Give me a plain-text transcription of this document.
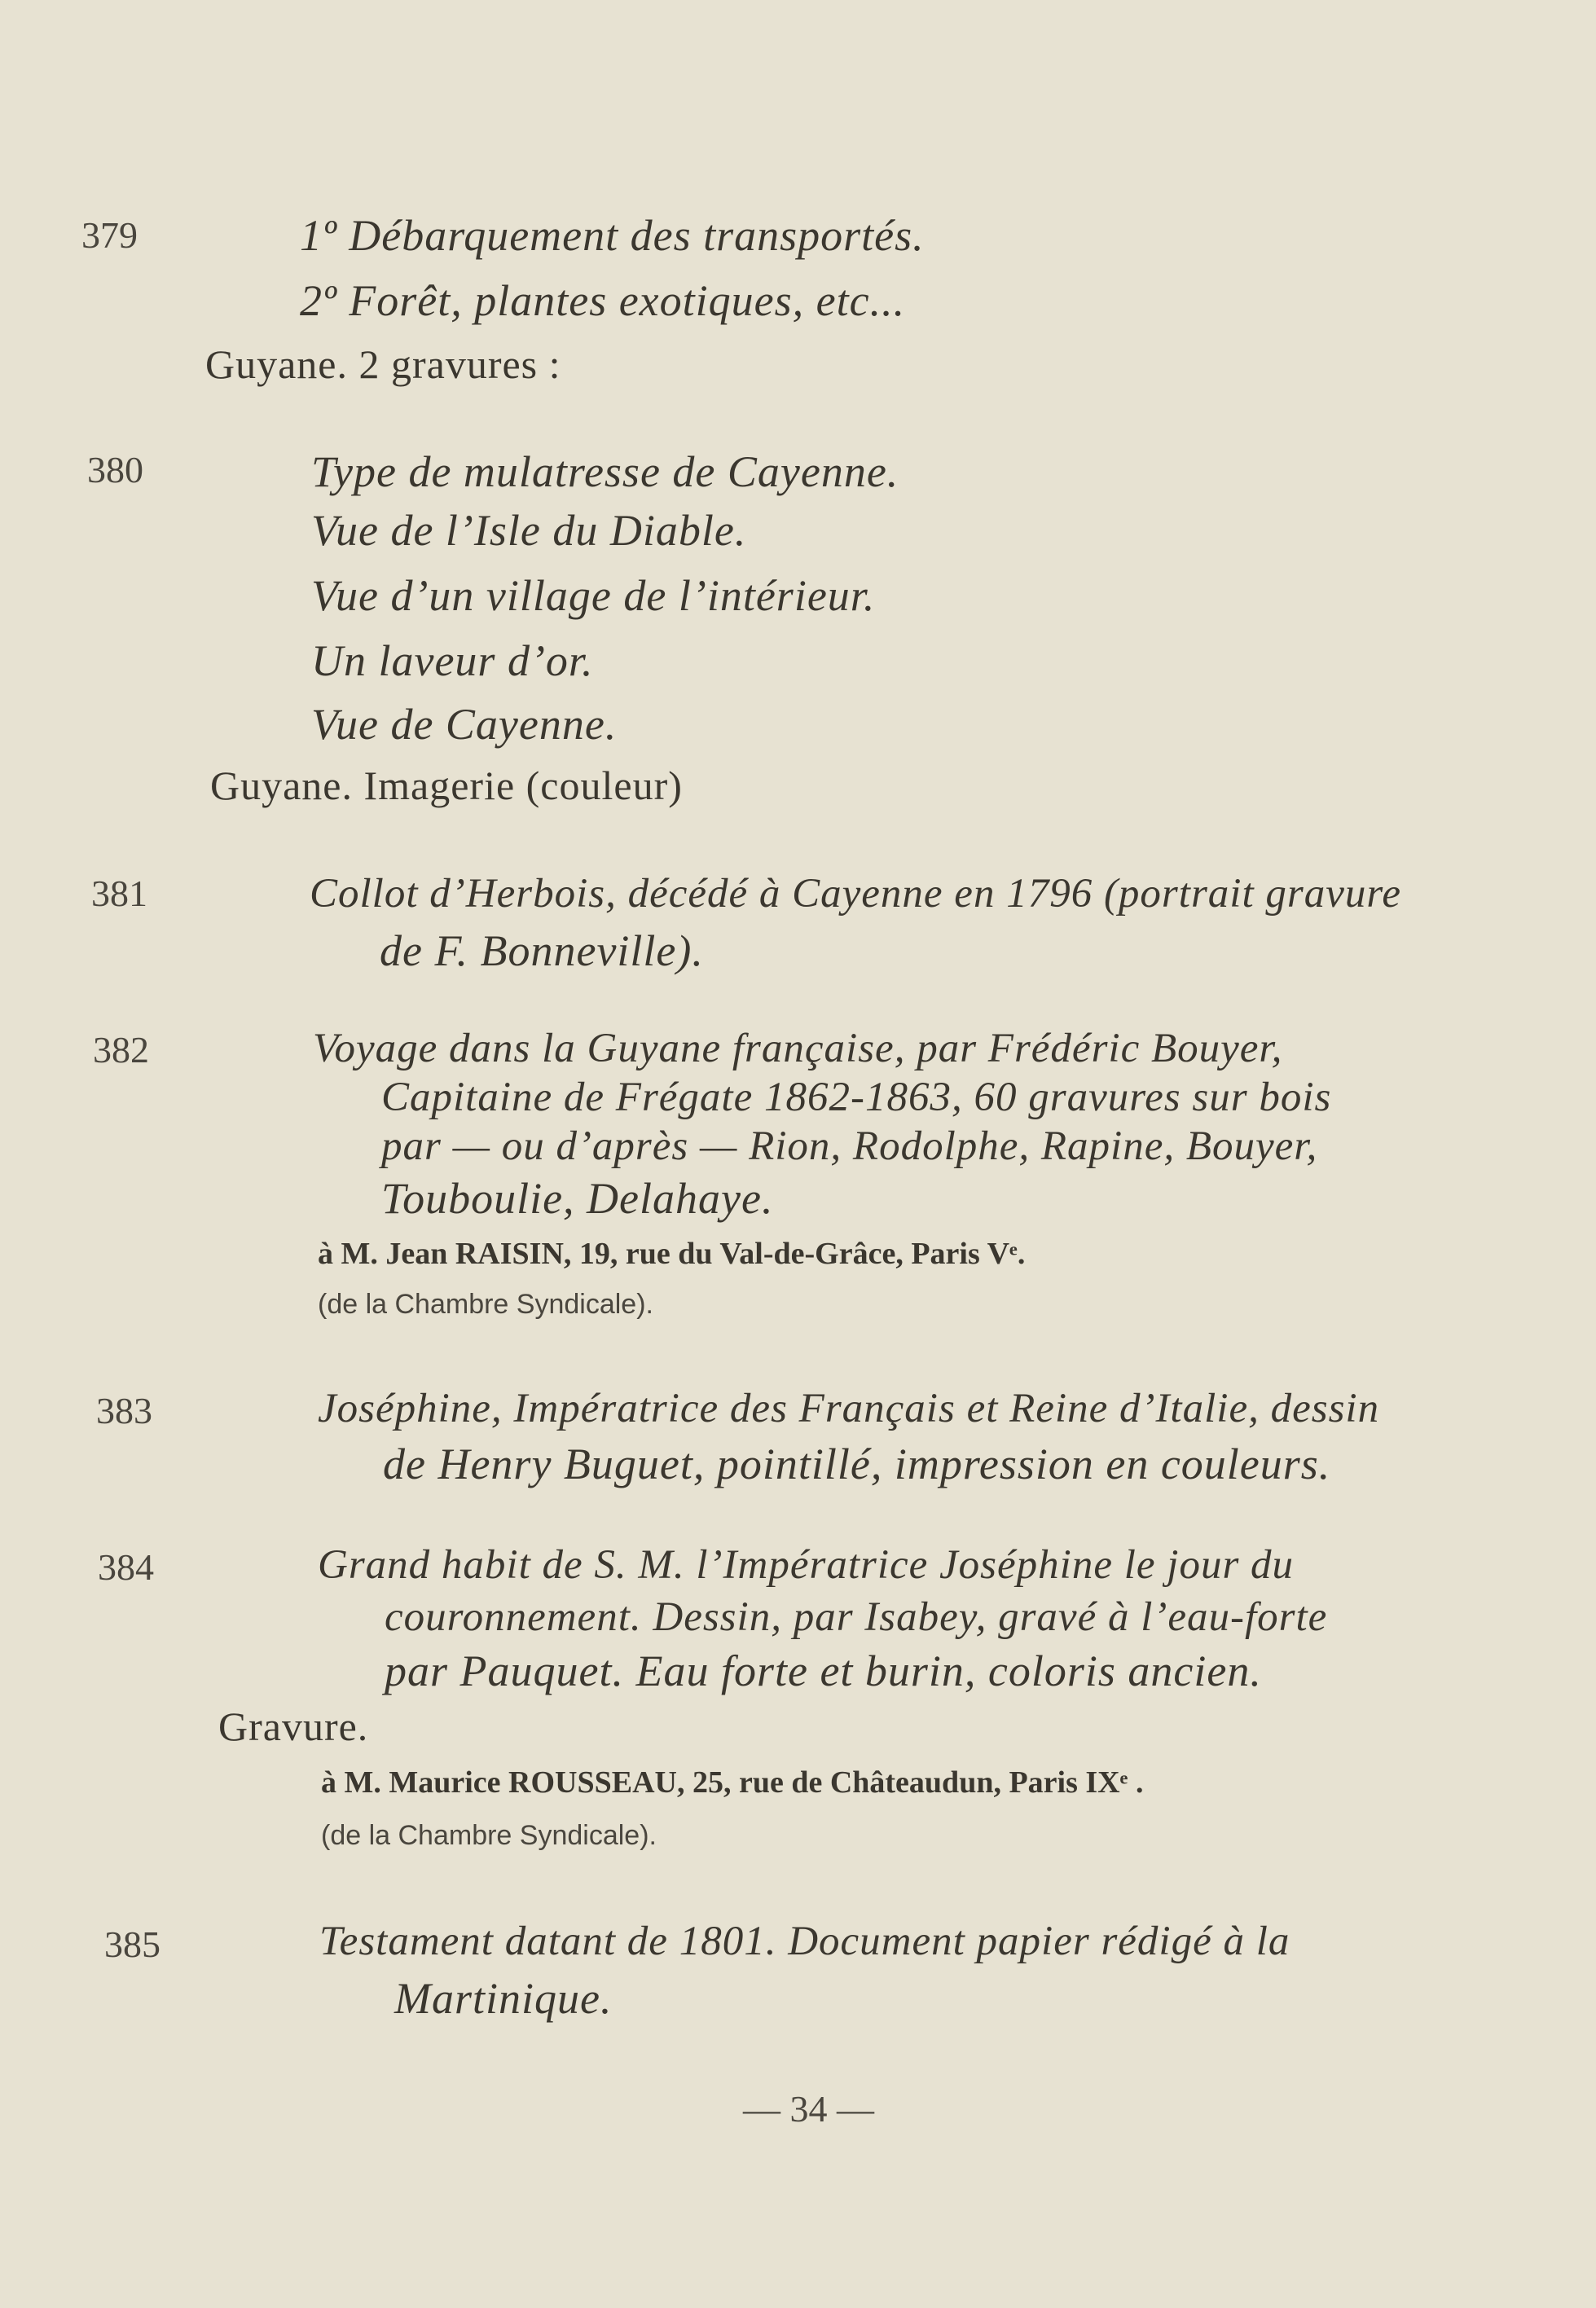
379	1º Débarquement des transportés.
2º Forêt, plantes exotiques, etc...
Guyane. 2 gravures :
380	Type de mulatresse de Cayenne.
Vue de l’Isle du Diable.
Vue d’un village de l’intérieur.
Un laveur d’or.
Vue de Cayenne.
Guyane. Imagerie (couleur)
381	Collot d’Herbois, décédé à Cayenne en 1796 (portrait gravure
de F. Bonneville).
382	Voyage dans la Guyane française, par Frédéric Bouyer,
Capitaine de Frégate 1862-1863, 60 gravures sur bois
par — ou d’après — Rion, Rodolphe, Rapine, Bouyer,
Touboulie, Delahaye.
à M. Jean RAISIN, 19, rue du Val-de-Grâce, Paris Vᵉ.
(de la Chambre Syndicale).
383	Joséphine, Impératrice des Français et Reine d’Italie, dessin
de Henry Buguet, pointillé, impression en couleurs.
384	Grand habit de S. M. l’Impératrice Joséphine le jour du
couronnement. Dessin, par Isabey, gravé à l’eau-forte
par Pauquet. Eau forte et burin, coloris ancien.
Gravure.
à M. Maurice ROUSSEAU, 25, rue de Châteaudun, Paris IXᵉ .
(de la Chambre Syndicale).
385	Testament datant de 1801. Document papier rédigé à la
Martinique.
— 34 —
